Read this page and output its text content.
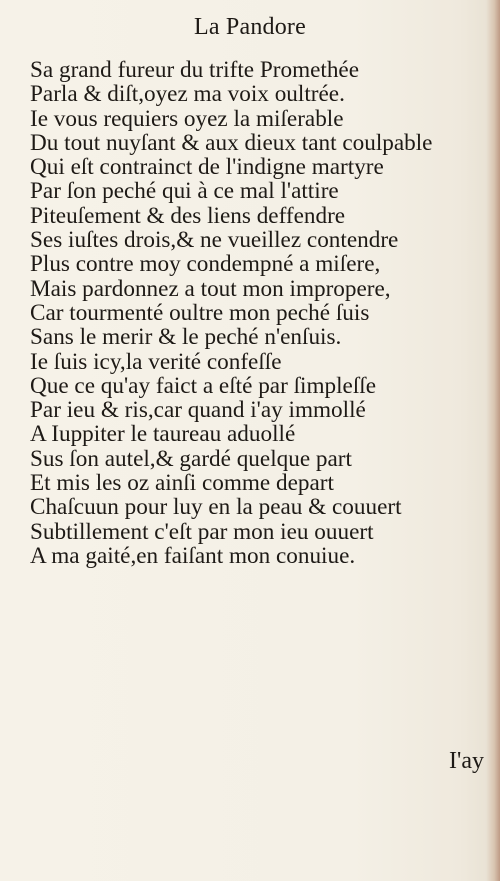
La Pandore
Sa grand fureur du trifte Promethée
Parla & diſt,oyez ma voix oultrée.
Ie vous requiers oyez la miſerable
Du tout nuyſant & aux dieux tant coulpable
Qui eſt contrainct de l'indigne martyre
Par ſon peché qui à ce mal l'attire
Piteuſement & des liens deffendre
Ses iuſtes drois,& ne vueillez contendre
Plus contre moy condempné a miſere,
Mais pardonnez a tout mon impropere,
Car tourmenté oultre mon peché ſuis
Sans le merir & le peché n'enſuis.
Ie ſuis icy,la verité confeſſe
Que ce qu'ay faict a eſté par ſimpleſſe
Par ieu & ris,car quand i'ay immollé
A Iuppiter le taureau aduollé
Sus ſon autel,& gardé quelque part
Et mis les oz ainſi comme depart
Chaſcuun pour luy en la peau & couuert
Subtillement c'eſt par mon ieu ouuert
A ma gaité,en faiſant mon conuiue.
I'ay
